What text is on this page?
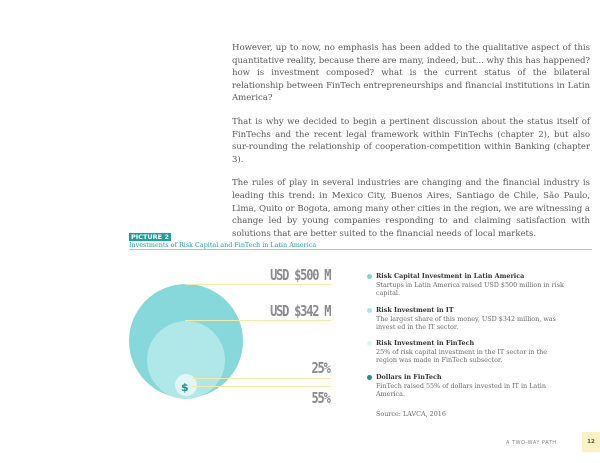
However, up to now, no emphasis has been added to the qualitative aspect of this quantitative reality, because there are many, indeed, but... why this has happened? how is investment composed? what is the current status of the bilateral relationship between FinTech entrepreneurships and financial institutions in Latin America?

That is why we decided to begin a pertinent discussion about the status itself of FinTechs and the recent legal framework within FinTechs (chapter 2), but also sur-rounding the relationship of cooperation-competition within Banking (chapter 3).

The rules of play in several industries are changing and the financial industry is leading this trend: in Mexico City, Buenos Aires, Santiago de Chile, São Paulo, Lima, Quito or Bogota, among many other cities in the region, we are witnessing a change led by young companies responding to and claiming satisfaction with solutions that are better suited to the financial needs of local markets.

PICTURE 2
Investments of Risk Capital and FinTech in Latin America
$
USD $500 M
USD $342 M
25%
55%
Risk Capital Investment in Latin America
Startups in Latin America raised USD $500 million in risk capital.
Risk Investment in IT
The largest share of this money, USD $342 million, was invest ed in the IT sector.
Risk Investment in FinTech
25% of risk capital investment in the IT sector in the region was made in FinTech subsector.
Dollars in FinTech
FinTech raised 55% of dollars invested in IT in Latin America.
Source: LAVCA, 2016
A TWO-WAY PATH	12
